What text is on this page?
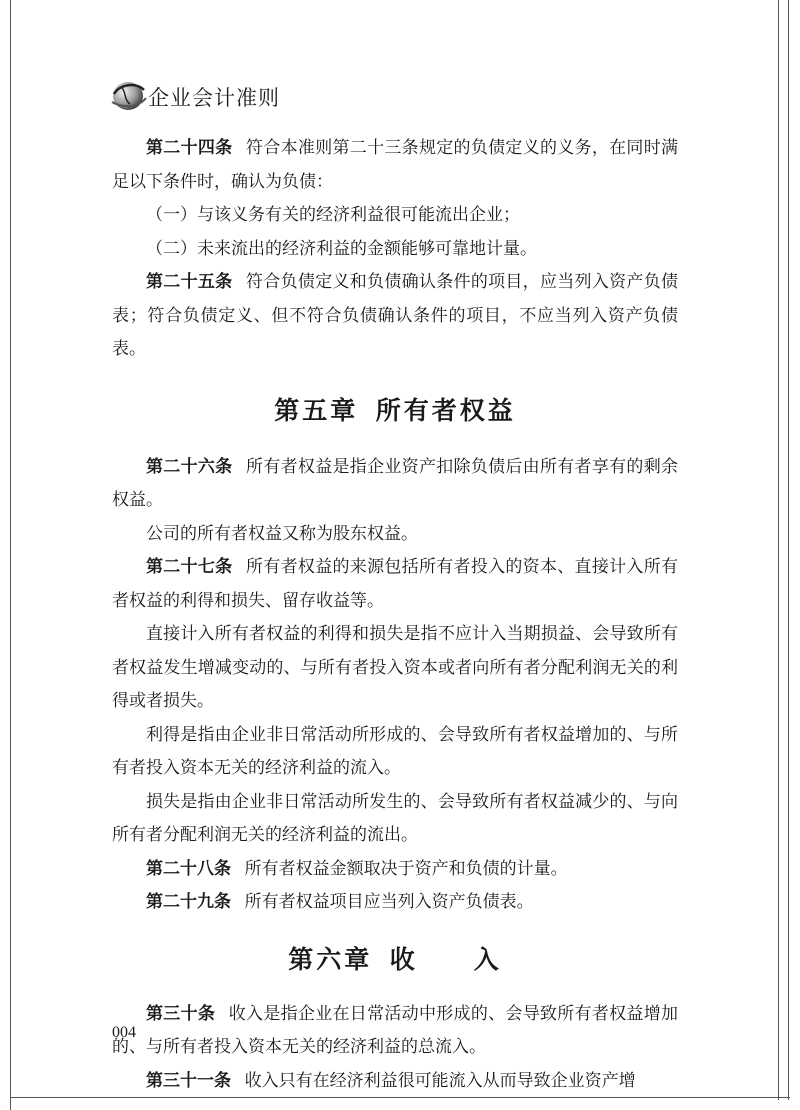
企业会计准则

第二十四条 符合本准则第二十三条规定的负债定义的义务，在同时满足以下条件时，确认为负债：

（一）与该义务有关的经济利益很可能流出企业；

（二）未来流出的经济利益的金额能够可靠地计量。

第二十五条 符合负债定义和负债确认条件的项目，应当列入资产负债表；符合负债定义、但不符合负债确认条件的项目，不应当列入资产负债表。

第五章 所有者权益

第二十六条 所有者权益是指企业资产扣除负债后由所有者享有的剩余权益。

公司的所有者权益又称为股东权益。

第二十七条 所有者权益的来源包括所有者投入的资本、直接计入所有者权益的利得和损失、留存收益等。

直接计入所有者权益的利得和损失是指不应计入当期损益、会导致所有者权益发生增减变动的、与所有者投入资本或者向所有者分配利润无关的利得或者损失。

利得是指由企业非日常活动所形成的、会导致所有者权益增加的、与所有者投入资本无关的经济利益的流入。

损失是指由企业非日常活动所发生的、会导致所有者权益减少的、与向所有者分配利润无关的经济利益的流出。

第二十八条 所有者权益金额取决于资产和负债的计量。

第二十九条 所有者权益项目应当列入资产负债表。

第六章 收　　入

第三十条 收入是指企业在日常活动中形成的、会导致所有者权益增加的、与所有者投入资本无关的经济利益的总流入。

第三十一条 收入只有在经济利益很可能流入从而导致企业资产增

004
